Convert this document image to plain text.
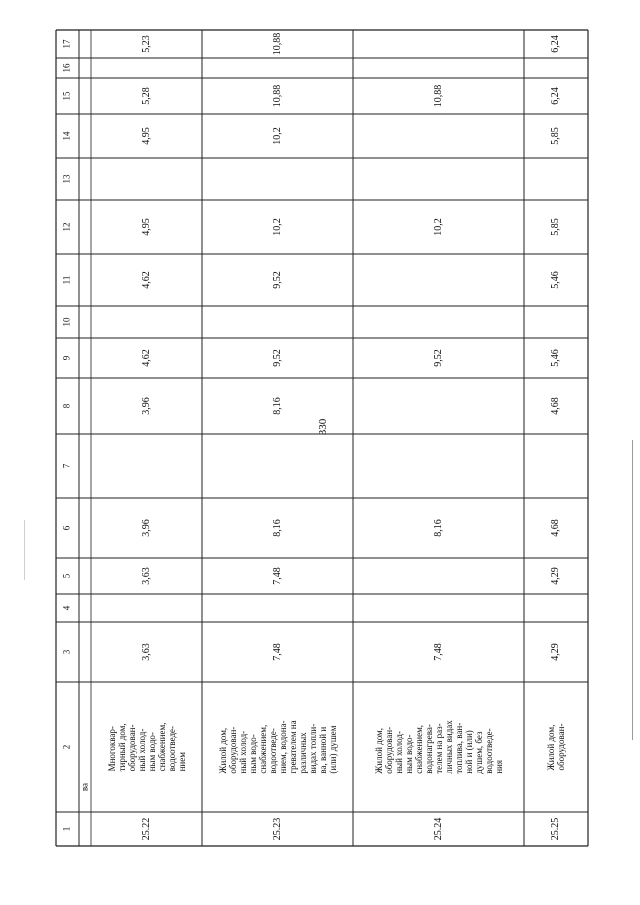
330
1
2
3
4
5
6
7
8
9
10
11
12
13
14
15
16
17
ва
25.22
Многоквар-
тирный дом,
оборудован-
ный холод-
ным водо-
снабжением,
водоотведе-
нием
3,63
3,63
3,96
3,96
4,62
4,62
4,95
4,95
5,28
5,23
25.23
Жилой дом,
оборудован-
ный холод-
ным водо-
снабжением,
водоотведе-
нием, водона-
гревателем на
различных
видах топли-
ва, ванной и
(или) душем
7,48
7,48
8,16
8,16
9,52
9,52
10,2
10,2
10,88
10,88
25.24
Жилой дом,
оборудован-
ный холод-
ным водо-
снабжением,
водонагрева-
телем на раз-
личных видах
топлива, ван-
ной и (или)
душем, без
водоотведе-
ния
7,48
8,16
9,52
10,2
10,88
25.25
Жилой дом,
оборудован-
4,29
4,29
4,68
4,68
5,46
5,46
5,85
5,85
6,24
6,24
